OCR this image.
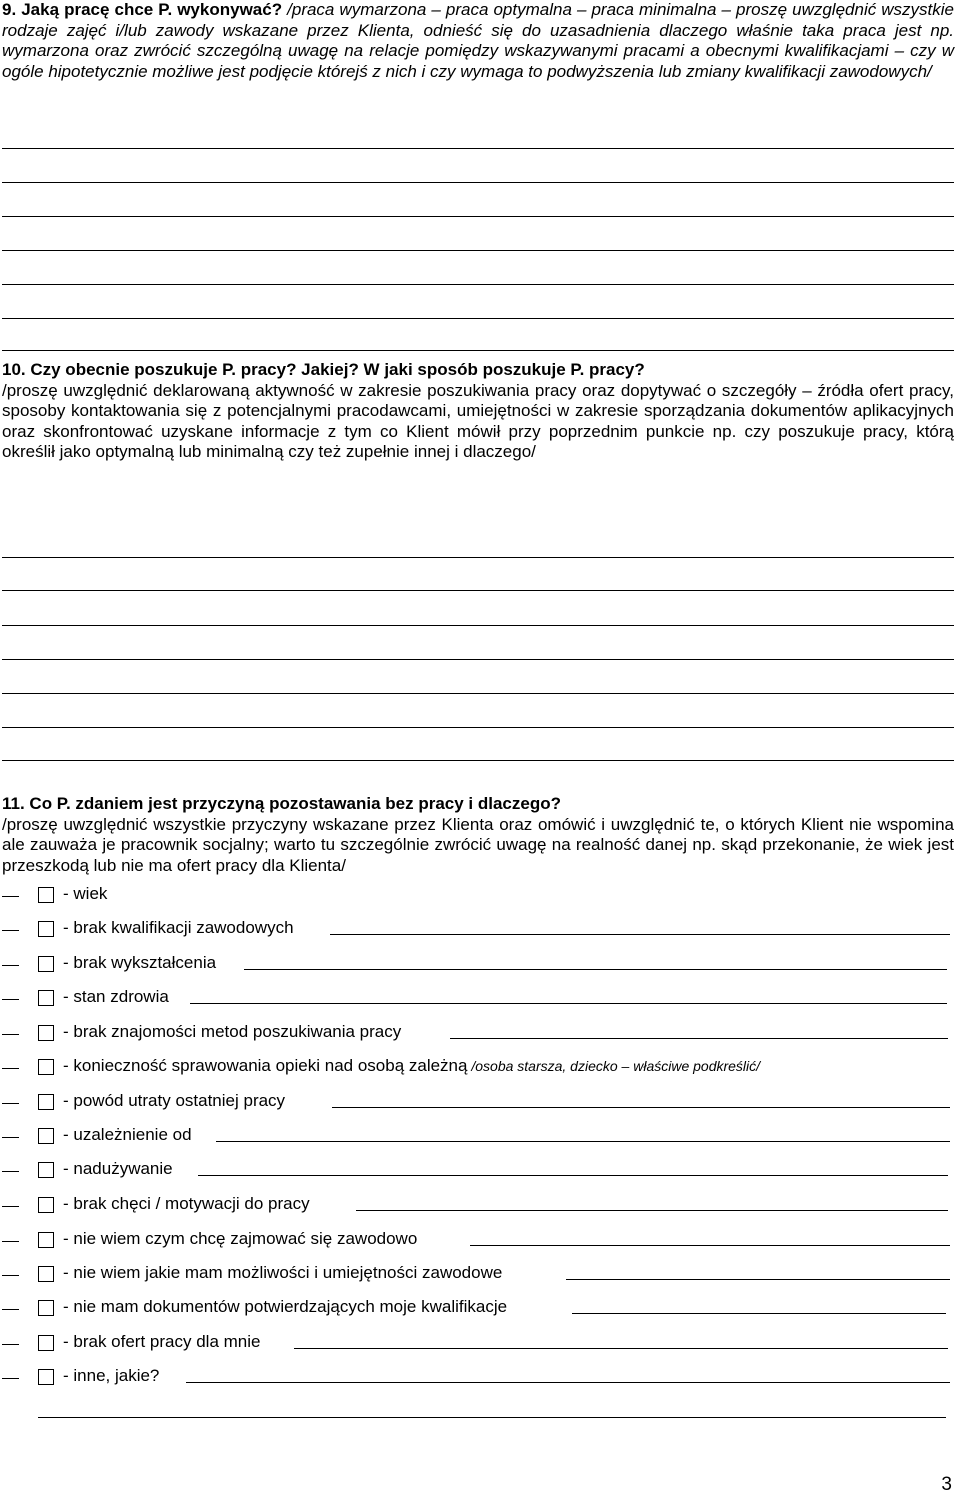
9. Jaką pracę chce P. wykonywać? /praca wymarzona – praca optymalna – praca minimalna – proszę uwzględnić wszystkie rodzaje zajęć i/lub zawody wskazane przez Klienta, odnieść się do uzasadnienia dlaczego właśnie taka praca jest np. wymarzona oraz zwrócić szczególną uwagę na relacje pomiędzy wskazywanymi pracami a obecnymi kwalifikacjami – czy w ogóle hipotetycznie możliwe jest podjęcie którejś z nich i czy wymaga to podwyższenia lub zmiany kwalifikacji zawodowych/

10. Czy obecnie poszukuje P. pracy? Jakiej? W jaki sposób poszukuje P. pracy?

/proszę uwzględnić deklarowaną aktywność w zakresie poszukiwania pracy oraz dopytywać o szczegóły – źródła ofert pracy, sposoby kontaktowania się z potencjalnymi pracodawcami, umiejętności w zakresie sporządzania dokumentów aplikacyjnych oraz skonfrontować uzyskane informacje z tym co Klient mówił przy poprzednim punkcie np. czy poszukuje pracy, którą określił jako optymalną lub minimalną czy też zupełnie innej i dlaczego/

11. Co P. zdaniem jest przyczyną pozostawania bez pracy i dlaczego?

/proszę uwzględnić wszystkie przyczyny wskazane przez Klienta oraz omówić i uwzględnić te, o których Klient nie wspomina ale zauważa je pracownik socjalny; warto tu szczególnie zwrócić uwagę na realność danej np. skąd przekonanie, że wiek jest przeszkodą lub nie ma ofert pracy dla Klienta/

- wiek
- brak kwalifikacji zawodowych
- brak wykształcenia
- stan zdrowia
- brak znajomości metod poszukiwania pracy
- konieczność sprawowania opieki nad osobą zależną /osoba starsza, dziecko – właściwe podkreślić/
- powód utraty ostatniej pracy
- uzależnienie od
- nadużywanie
- brak chęci / motywacji do pracy
- nie wiem czym chcę zajmować się zawodowo
- nie wiem jakie mam możliwości i umiejętności zawodowe
- nie mam dokumentów potwierdzających moje kwalifikacje
- brak ofert pracy dla mnie
- inne, jakie?
3
